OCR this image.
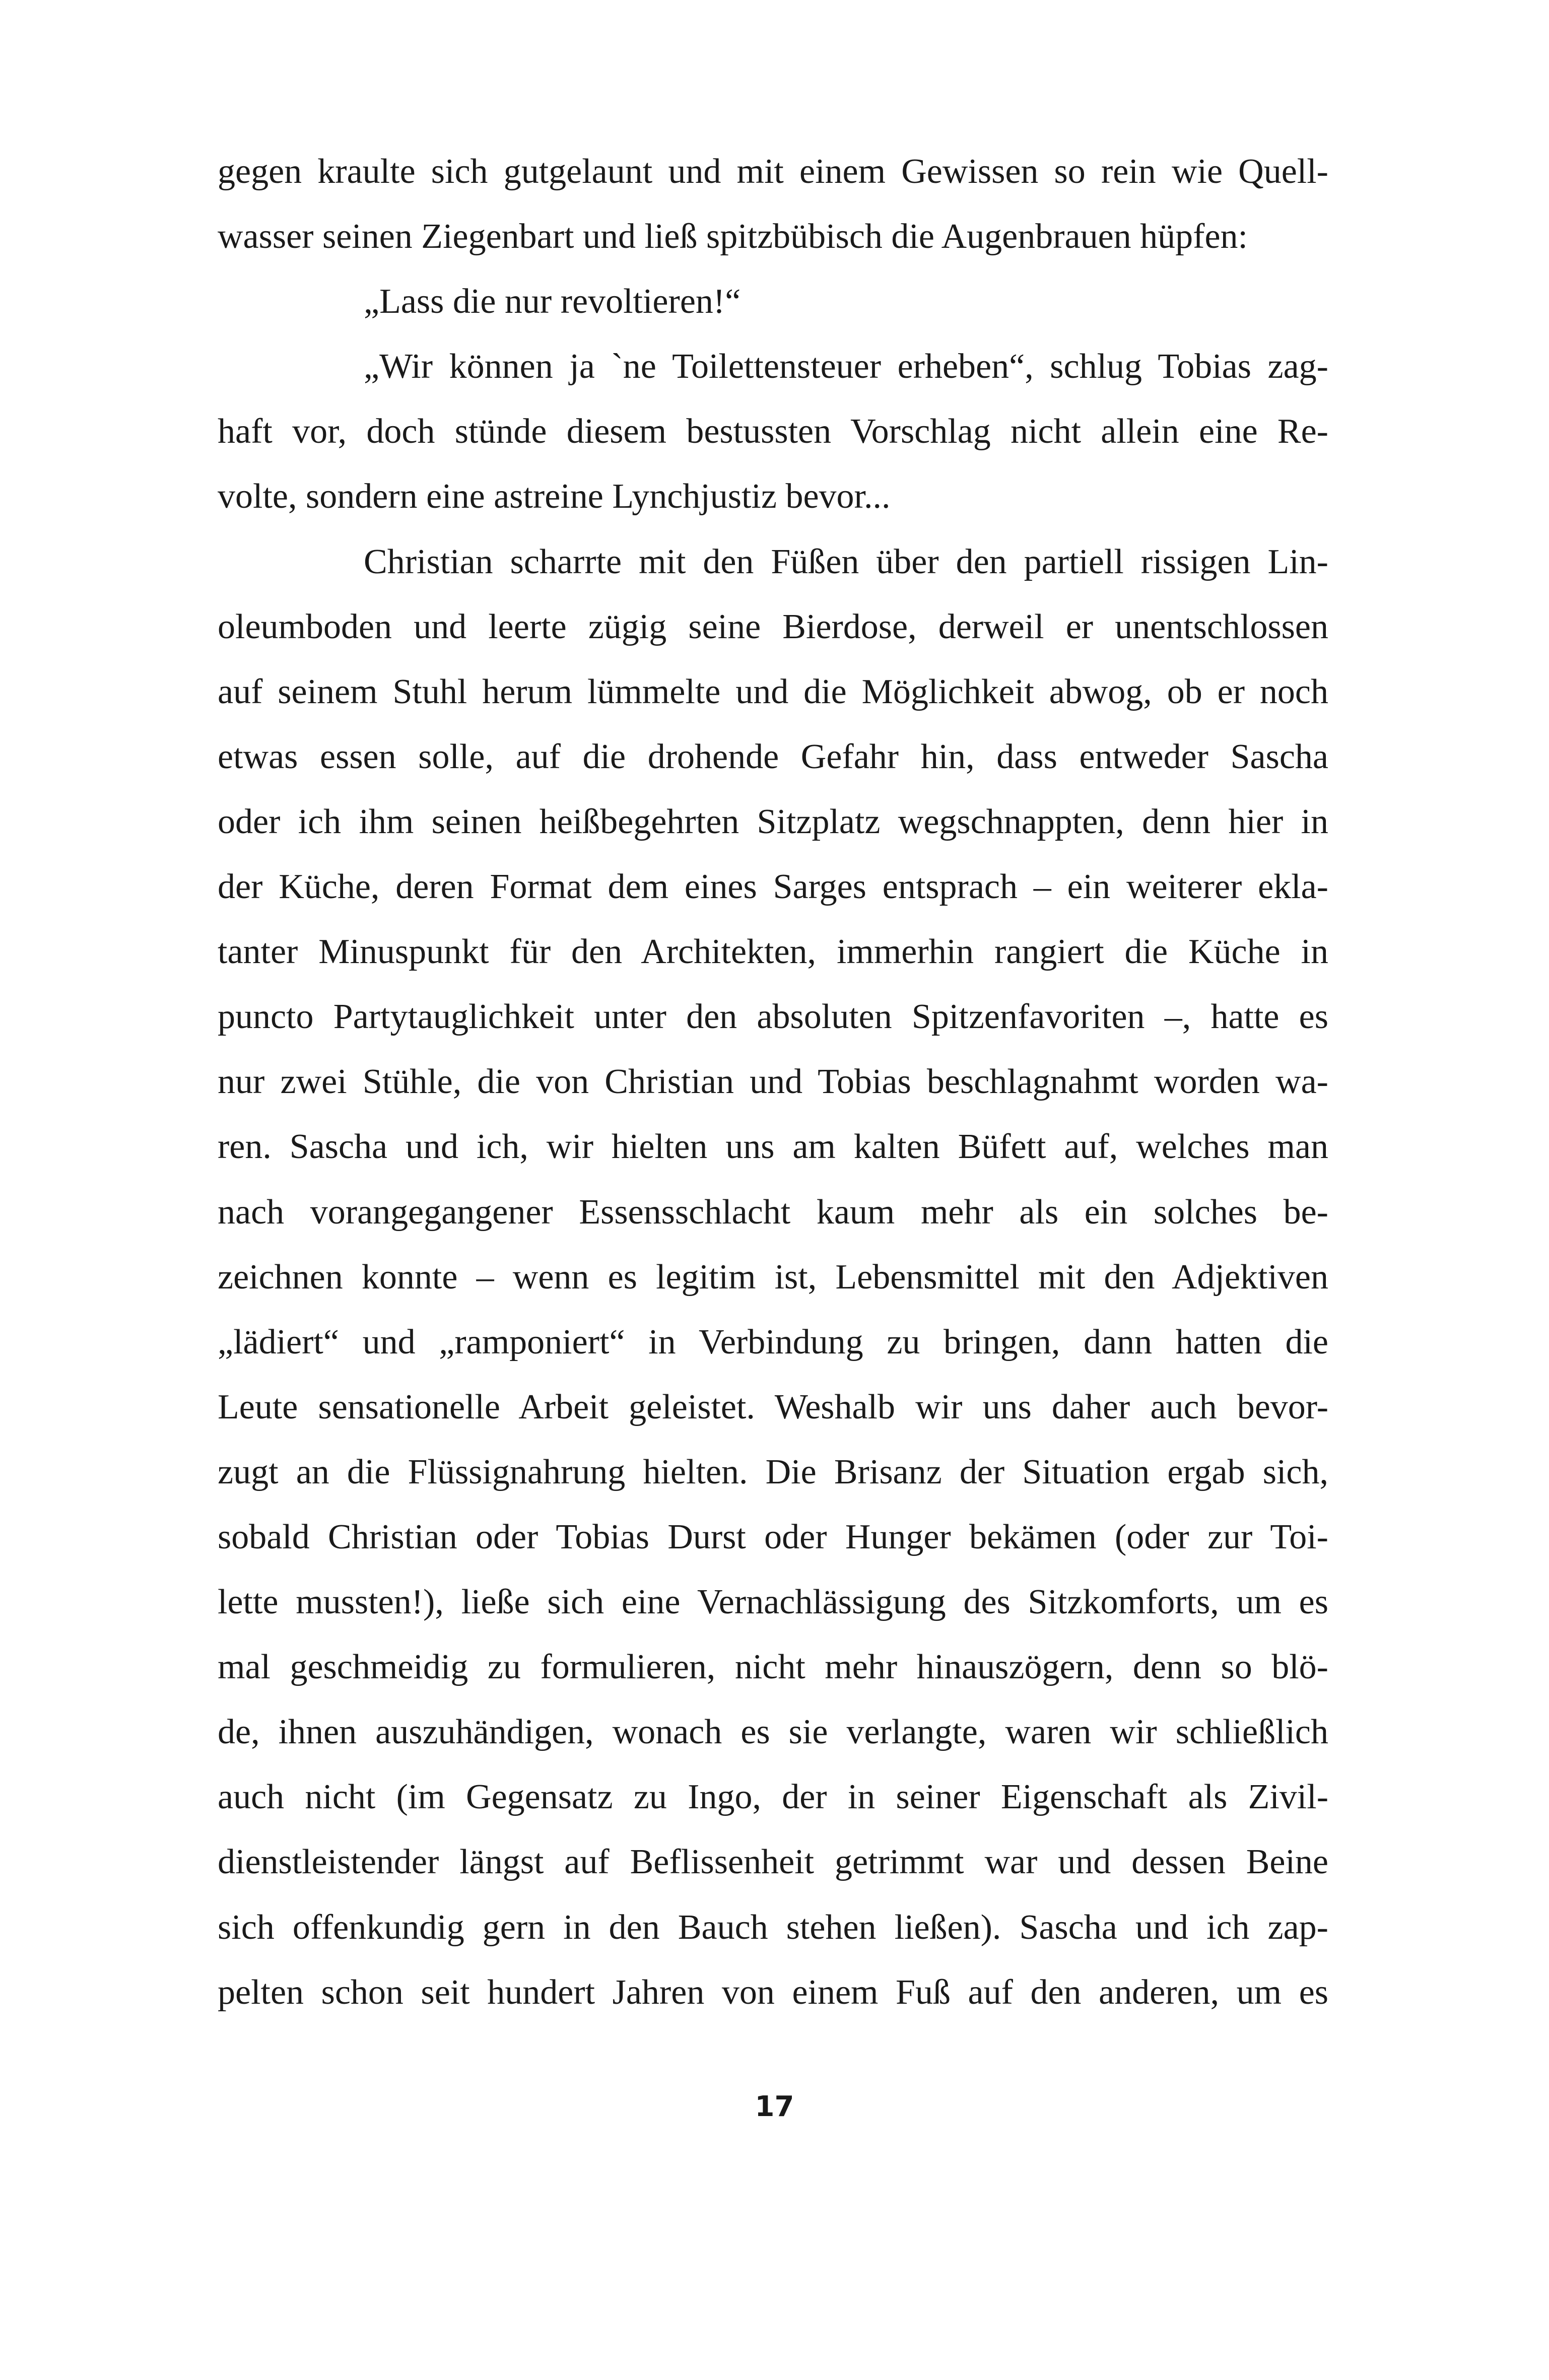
gegen kraulte sich gutgelaunt und mit einem Gewissen so rein wie Quell-
wasser seinen Ziegenbart und ließ spitzbübisch die Augenbrauen hüpfen:
„Lass die nur revoltieren!“
„Wir können ja `ne Toilettensteuer erheben“, schlug Tobias zag-
haft vor, doch stünde diesem bestussten Vorschlag nicht allein eine Re-
volte, sondern eine astreine Lynchjustiz bevor...
Christian scharrte mit den Füßen über den partiell rissigen Lin-
oleumboden und leerte zügig seine Bierdose, derweil er unentschlossen
auf seinem Stuhl herum lümmelte und die Möglichkeit abwog, ob er noch
etwas essen solle, auf die drohende Gefahr hin, dass entweder Sascha
oder ich ihm seinen heißbegehrten Sitzplatz wegschnappten, denn hier in
der Küche, deren Format dem eines Sarges entsprach – ein weiterer ekla-
tanter Minuspunkt für den Architekten, immerhin rangiert die Küche in
puncto Partytauglichkeit unter den absoluten Spitzenfavoriten –, hatte es
nur zwei Stühle, die von Christian und Tobias beschlagnahmt worden wa-
ren. Sascha und ich, wir hielten uns am kalten Büfett auf, welches man
nach vorangegangener Essensschlacht kaum mehr als ein solches be-
zeichnen konnte – wenn es legitim ist, Lebensmittel mit den Adjektiven
„lädiert“ und „ramponiert“ in Verbindung zu bringen, dann hatten die
Leute sensationelle Arbeit geleistet. Weshalb wir uns daher auch bevor-
zugt an die Flüssignahrung hielten. Die Brisanz der Situation ergab sich,
sobald Christian oder Tobias Durst oder Hunger bekämen (oder zur Toi-
lette mussten!), ließe sich eine Vernachlässigung des Sitzkomforts, um es
mal geschmeidig zu formulieren, nicht mehr hinauszögern, denn so blö-
de, ihnen auszuhändigen, wonach es sie verlangte, waren wir schließlich
auch nicht (im Gegensatz zu Ingo, der in seiner Eigenschaft als Zivil-
dienstleistender längst auf Beflissenheit getrimmt war und dessen Beine
sich offenkundig gern in den Bauch stehen ließen). Sascha und ich zap-
pelten schon seit hundert Jahren von einem Fuß auf den anderen, um es
17
